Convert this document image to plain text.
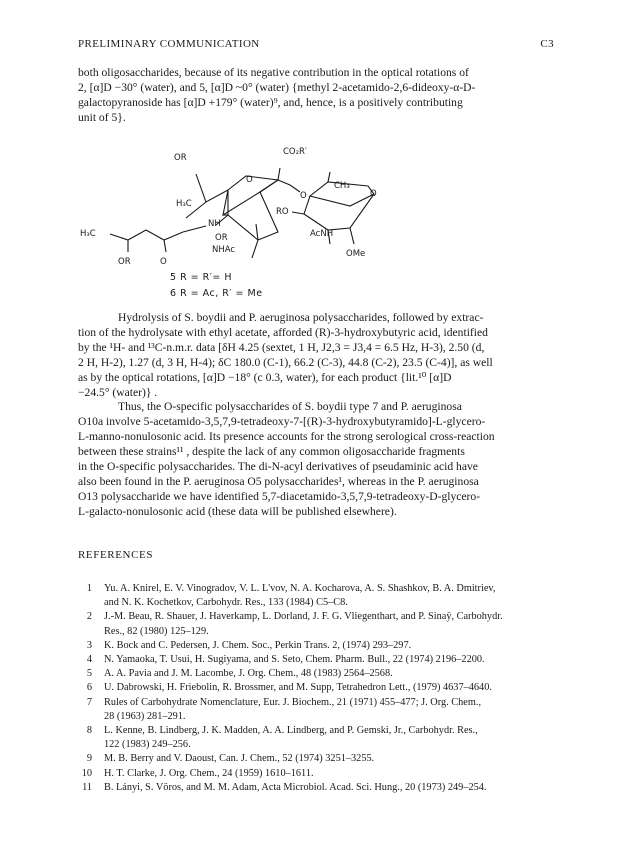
PRELIMINARY COMMUNICATION	C3

both oligosaccharides, because of its negative contribution in the optical rotations of
2, [α]D −30° (water), and 5, [α]D ~0° (water) {methyl 2-acetamido-2,6-dideoxy-α-D-
galactopyranoside has [α]D +179° (water)⁹, and, hence, is a positively contributing
unit of 5}.

CO₂R′
OR
H₃C
H₃C
NH
OR
NHAc
OR	O
O
O
CH₃
O
RO
AcNH
OMe
5 R = R′= H
6 R = Ac, R′ = Me

Hydrolysis of S. boydii and P. aeruginosa polysaccharides, followed by extrac-
tion of the hydrolysate with ethyl acetate, afforded (R)-3-hydroxybutyric acid, identified
by the ¹H- and ¹³C-n.m.r. data [δH 4.25 (sextet, 1 H, J2,3 = J3,4 = 6.5 Hz, H-3), 2.50 (d,
2 H, H-2), 1.27 (d, 3 H, H-4); δC 180.0 (C-1), 66.2 (C-3), 44.8 (C-2), 23.5 (C-4)], as well
as by the optical rotations, [α]D −18° (c 0.3, water), for each product {lit.¹⁰ [α]D
−24.5° (water)} .
Thus, the O-specific polysaccharides of S. boydii type 7 and P. aeruginosa
O10a involve 5-acetamido-3,5,7,9-tetradeoxy-7-[(R)-3-hydroxybutyramido]-L-glycero-
L-manno-nonulosonic acid. Its presence accounts for the strong serological cross-reaction
between these strains¹¹ , despite the lack of any common oligosaccharide fragments
in the O-specific polysaccharides. The di-N-acyl derivatives of pseudaminic acid have
also been found in the P. aeruginosa O5 polysaccharides¹, whereas in the P. aeruginosa
O13 polysaccharide we have identified 5,7-diacetamido-3,5,7,9-tetradeoxy-D-glycero-
L-galacto-nonulosonic acid (these data will be published elsewhere).

REFERENCES
1 Yu. A. Knirel, E. V. Vinogradov, V. L. L'vov, N. A. Kocharova, A. S. Shashkov, B. A. Dmitriev,
and N. K. Kochetkov, Carbohydr. Res., 133 (1984) C5–C8.
2 J.-M. Beau, R. Shauer, J. Haverkamp, L. Dorland, J. F. G. Vliegenthart, and P. Sinaÿ, Carbohydr.
Res., 82 (1980) 125–129.
3 K. Bock and C. Pedersen, J. Chem. Soc., Perkin Trans. 2, (1974) 293–297.
4 N. Yamaoka, T. Usui, H. Sugiyama, and S. Seto, Chem. Pharm. Bull., 22 (1974) 2196–2200.
5 A. A. Pavia and J. M. Lacombe, J. Org. Chem., 48 (1983) 2564–2568.
6 U. Dabrowski, H. Friebolin, R. Brossmer, and M. Supp, Tetrahedron Lett., (1979) 4637–4640.
7 Rules of Carbohydrate Nomenclature, Eur. J. Biochem., 21 (1971) 455–477; J. Org. Chem.,
28 (1963) 281–291.
8 L. Kenne, B. Lindberg, J. K. Madden, A. A. Lindberg, and P. Gemski, Jr., Carbohydr. Res.,
122 (1983) 249–256.
9 M. B. Berry and V. Daoust, Can. J. Chem., 52 (1974) 3251–3255.
10 H. T. Clarke, J. Org. Chem., 24 (1959) 1610–1611.
11 B. Lányi, S. Vöros, and M. M. Adam, Acta Microbiol. Acad. Sci. Hung., 20 (1973) 249–254.
